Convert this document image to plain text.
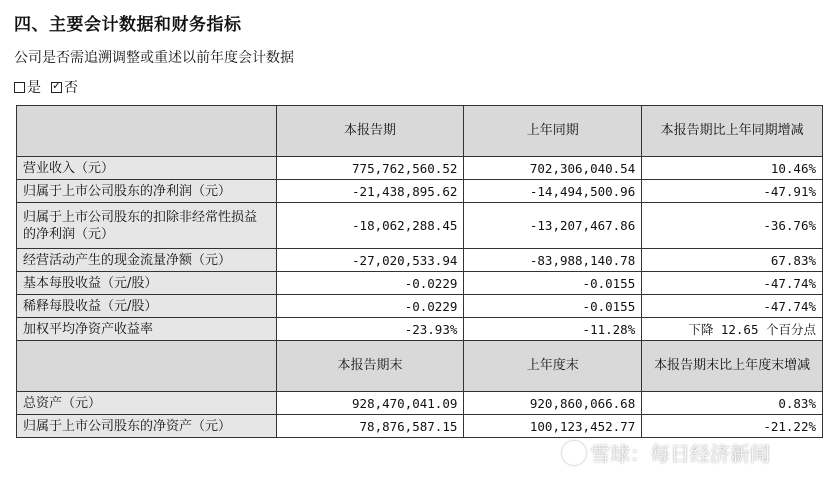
四、主要会计数据和财务指标
公司是否需追溯调整或重述以前年度会计数据
是 ✓ 否
	本报告期	上年同期	本报告期比上年同期增减
营业收入（元）	775,762,560.52	702,306,040.54	10.46%
归属于上市公司股东的净利润（元）	-21,438,895.62	-14,494,500.96	-47.91%
归属于上市公司股东的扣除非经常性损益的净利润（元）	-18,062,288.45	-13,207,467.86	-36.76%
经营活动产生的现金流量净额（元）	-27,020,533.94	-83,988,140.78	67.83%
基本每股收益（元/股）	-0.0229	-0.0155	-47.74%
稀释每股收益（元/股）	-0.0229	-0.0155	-47.74%
加权平均净资产收益率	-23.93%	-11.28%	下降 12.65 个百分点
	本报告期末	上年度末	本报告期末比上年度末增减
总资产（元）	928,470,041.09	920,860,066.68	0.83%
归属于上市公司股东的净资产（元）	78,876,587.15	100,123,452.77	-21.22%
雪球：每日经济新闻
